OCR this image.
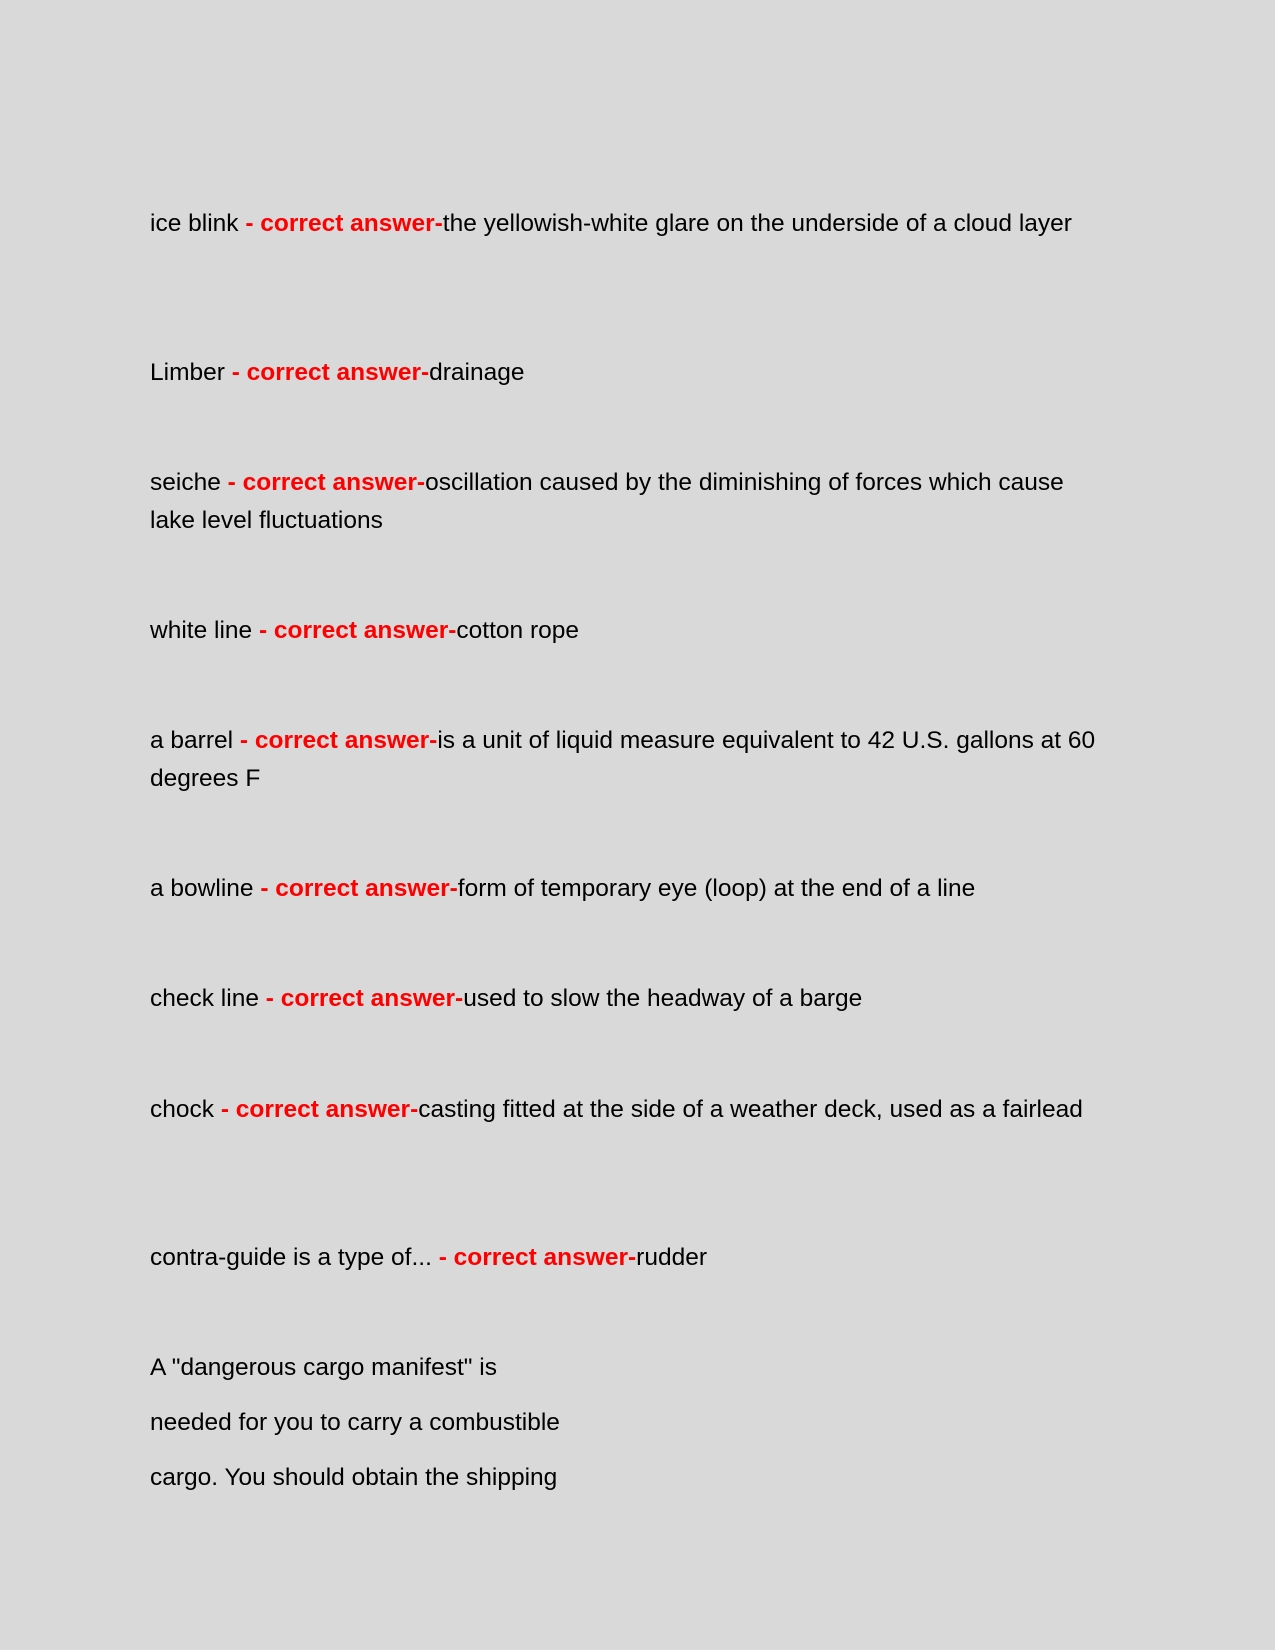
ice blink - correct answer-the yellowish-white glare on the underside of a cloud layer
Limber - correct answer-drainage
seiche - correct answer-oscillation caused by the diminishing of forces which cause lake level fluctuations
white line - correct answer-cotton rope
a barrel - correct answer-is a unit of liquid measure equivalent to 42 U.S. gallons at 60 degrees F
a bowline - correct answer-form of temporary eye (loop) at the end of a line
check line - correct answer-used to slow the headway of a barge
chock - correct answer-casting fitted at the side of a weather deck, used as a fairlead
contra-guide is a type of... - correct answer-rudder
A "dangerous cargo manifest" is
needed for you to carry a combustible
cargo. You should obtain the shipping
